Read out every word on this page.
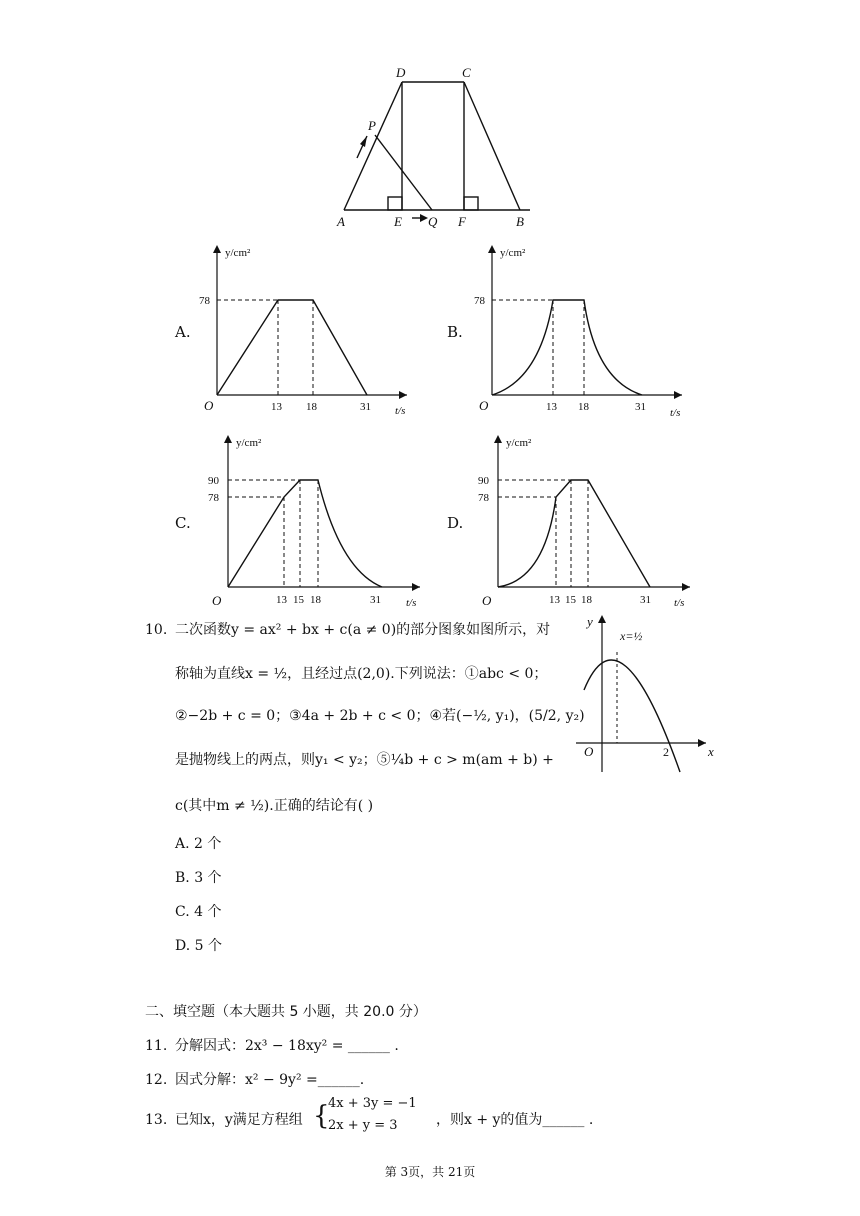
D	C
P
A	E Q F	B
A.
y/cm²
78
13 18	31 t/s
O
B.
y/cm²
78
13 18	31 t/s
O
C.
y/cm²
90
78
13 15 18	31 t/s
O
D.
y/cm²
90
78
13 15 18	31 t/s
O
10. 二次函数y = ax² + bx + c(a ≠ 0)的部分图象如图所示，对
称轴为直线x = ½，且经过点(2,0).下列说法：①abc < 0；
②−2b + c = 0；③4a + 2b + c < 0；④若(−½, y₁)，(5/2, y₂)
是抛物线上的两点，则y₁ < y₂；⑤¼b + c > m(am + b) +
c(其中m ≠ ½).正确的结论有( )
A. 2 个
B. 3 个
C. 4 个
D. 5 个
y
x
O
x=½
2
二、填空题（本大题共 5 小题，共 20.0 分）
11. 分解因式：2x³ − 18xy² = ______ .
12. 因式分解：x² − 9y² =______.
13. 已知x，y满足方程组 {
4x + 3y = −1
2x + y = 3	，则x + y的值为______ .
第 3页，共 21页
